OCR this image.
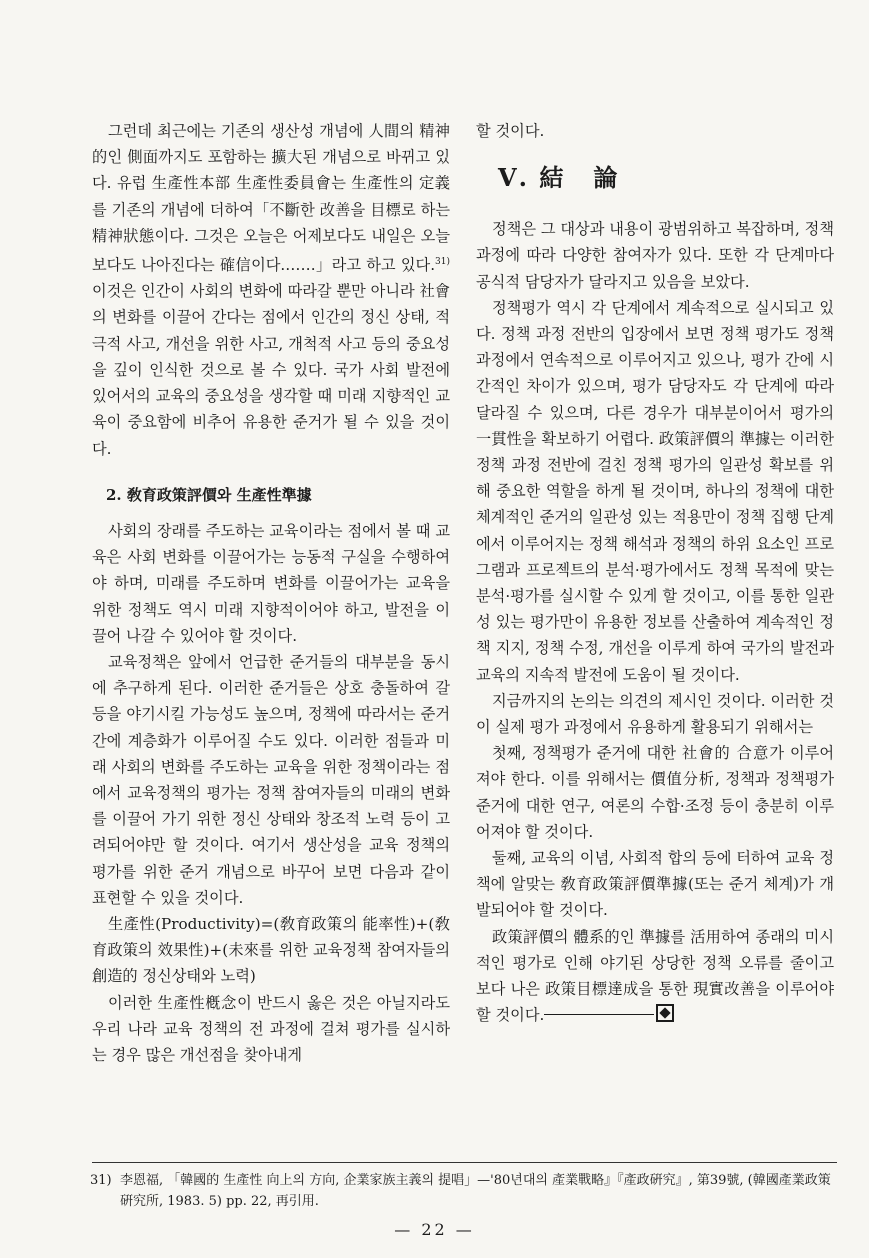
그런데 최근에는 기존의 생산성 개념에 人間의 精神的인 側面까지도 포함하는 擴大된 개념으로 바뀌고 있다. 유럽 生產性本部 生產性委員會는 生產性의 定義를 기존의 개념에 더하여「不斷한 改善을 目標로 하는 精神狀態이다. 그것은 오늘은 어제보다도 내일은 오늘 보다도 나아진다는 確信이다.……」라고 하고 있다.$^{31)}$ 이것은 인간이 사회의 변화에 따라갈 뿐만 아니라 社會의 변화를 이끌어 간다는 점에서 인간의 정신 상태, 적극적 사고, 개선을 위한 사고, 개척적 사고 등의 중요성을 깊이 인식한 것으로 볼 수 있다. 국가 사회 발전에 있어서의 교육의 중요성을 생각할 때 미래 지향적인 교육이 중요함에 비추어 유용한 준거가 될 수 있을 것이다.

2. 敎育政策評價와 生產性準據

사회의 장래를 주도하는 교육이라는 점에서 볼 때 교육은 사회 변화를 이끌어가는 능동적 구실을 수행하여야 하며, 미래를 주도하며 변화를 이끌어가는 교육을 위한 정책도 역시 미래 지향적이어야 하고, 발전을 이끌어 나갈 수 있어야 할 것이다.

교육정책은 앞에서 언급한 준거들의 대부분을 동시에 추구하게 된다. 이러한 준거들은 상호 충돌하여 갈등을 야기시킬 가능성도 높으며, 정책에 따라서는 준거간에 계층화가 이루어질 수도 있다. 이러한 점들과 미래 사회의 변화를 주도하는 교육을 위한 정책이라는 점에서 교육정책의 평가는 정책 참여자들의 미래의 변화를 이끌어 가기 위한 정신 상태와 창조적 노력 등이 고려되어야만 할 것이다. 여기서 생산성을 교육 정책의 평가를 위한 준거 개념으로 바꾸어 보면 다음과 같이 표현할 수 있을 것이다.

生產性(Productivity)=(敎育政策의 能率性)+(敎育政策의 效果性)+(未來를 위한 교육정책 참여자들의 創造的 정신상태와 노력)

이러한 生產性槪念이 반드시 옳은 것은 아닐지라도 우리 나라 교육 정책의 전 과정에 걸쳐 평가를 실시하는 경우 많은 개선점을 찾아내게

할 것이다.

Ⅴ. 結 論

정책은 그 대상과 내용이 광범위하고 복잡하며, 정책 과정에 따라 다양한 참여자가 있다. 또한 각 단계마다 공식적 담당자가 달라지고 있음을 보았다.

정책평가 역시 각 단계에서 계속적으로 실시되고 있다. 정책 과정 전반의 입장에서 보면 정책 평가도 정책 과정에서 연속적으로 이루어지고 있으나, 평가 간에 시간적인 차이가 있으며, 평가 담당자도 각 단계에 따라 달라질 수 있으며, 다른 경우가 대부분이어서 평가의 一貫性을 확보하기 어렵다. 政策評價의 準據는 이러한 정책 과정 전반에 걸친 정책 평가의 일관성 확보를 위해 중요한 역할을 하게 될 것이며, 하나의 정책에 대한 체계적인 준거의 일관성 있는 적용만이 정책 집행 단계에서 이루어지는 정책 해석과 정책의 하위 요소인 프로그램과 프로젝트의 분석·평가에서도 정책 목적에 맞는 분석·평가를 실시할 수 있게 할 것이고, 이를 통한 일관성 있는 평가만이 유용한 정보를 산출하여 계속적인 정책 지지, 정책 수정, 개선을 이루게 하여 국가의 발전과 교육의 지속적 발전에 도움이 될 것이다.

지금까지의 논의는 의견의 제시인 것이다. 이러한 것이 실제 평가 과정에서 유용하게 활용되기 위해서는

첫째, 정책평가 준거에 대한 社會的 合意가 이루어져야 한다. 이를 위해서는 價值分析, 정책과 정책평가 준거에 대한 연구, 여론의 수합·조정 등이 충분히 이루어져야 할 것이다.

둘째, 교육의 이념, 사회적 합의 등에 터하여 교육 정책에 알맞는 敎育政策評價準據(또는 준거 체계)가 개발되어야 할 것이다.

政策評價의 體系的인 準據를 活用하여 종래의 미시적인 평가로 인해 야기된 상당한 정책 오류를 줄이고 보다 나은 政策目標達成을 통한 現實改善을 이루어야 할 것이다.

31) 李恩福, 「韓國的 生產性 向上의 方向, 企業家族主義의 提唱」—'80년대의 產業戰略』『產政硏究』, 第39號, (韓國產業政策硏究所, 1983. 5) pp. 22, 再引用.
— 22 —
